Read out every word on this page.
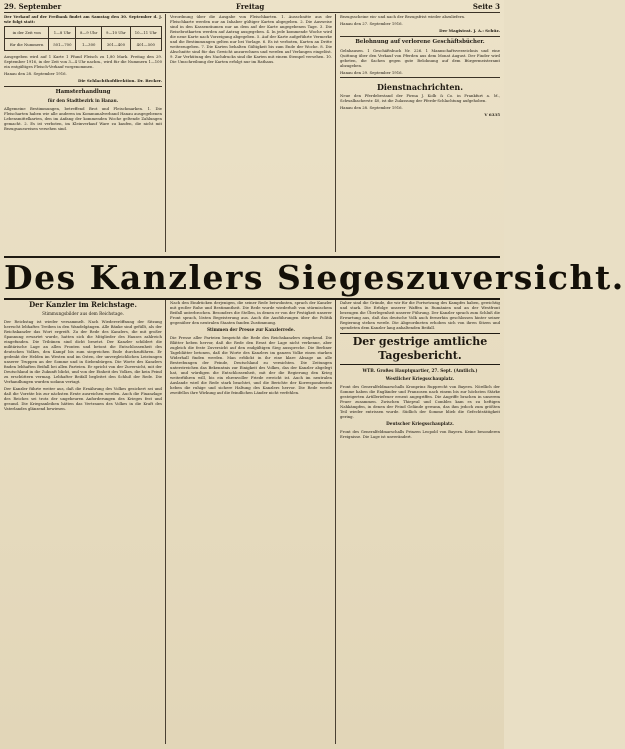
29. September	Freitag	Seite 3
Der Verkauf auf der Freibank findet am Samstag den 30. September d. J. wie folgt statt:
in der Zeit von	1—8 Uhr	8—9 Uhr	9—10 Uhr	10—11 Uhr
für die Nummern	501—700	1—300	301—400	401—500
Ausgegeben wird auf 1 Karte 1 Pfund Fleisch zu 1,80 Mark. Freitag den 29. September 1916, in der Zeit von 3—4 Uhr nachm., wird für die Nummern 1—100 ein entgültiges Fleisch-Verkauf vorgenommen.
Hanau den 28. September 1916.
Die Schlachthofdirektion. Dr. Becker.
Hamsterhandlung
für den Stadtbezirk in Hanau.
Allgemeine Bestimmungen, betreffend Brot und Fleischmarken. 1. Die Fleischarten haben wie alle anderen im Kommunalverband Hanau ausgegebenen Lebensmittelkarten, den im Anfang der kommenden Woche geltende Zahlungen gemacht. 2. Es ist verboten, im Kleinverkauf Ware zu kaufen, die nicht mit Bezugsausweisen versehen sind.
Verordnung über die Ausgabe von Fleischkarten. 1. Ausschnitte aus der Fleischkarte werden nur an Inhaber gültiger Karten abgegeben. 2. Die Ausweise sind in den Kassenräumen nur an dem auf der Karte angegebenen Tage. 3. Die Reisebrotkarten werden auf Antrag ausgegeben. 4. In jede kommende Woche wird die neue Karte nach Vorzeigung abgegeben. 5. Auf der Karte aufgeführte Vermerke und die Bestimmungen gelten nur bei Vorlage. 6. Es ist verboten, Karten an Dritte weiterzugeben. 7. Die Karten behalten Gültigkeit bis zum Ende der Woche. 8. Die Abschnitte sind für das Gewicht anzurechnen und werden auf Verlangen eingelöst. 9. Zur Verhütung des Nachdrucks sind die Karten mit einem Stempel versehen. 10. Die Umschreibung der Karten erfolgt nur im Rathaus.
Bezugsscheine ein- und nach der Bezugsfrist wieder abzuliefern.
Hanau den 27. September 1916.
Der Magistrat. J. A.: Schüz.
Belohnung auf verlorene Geschäftsbücher.
Gelnhausen. 1 Geschäftsbuch Nr. 226. 1 Mannschaftsverzeichnis und eine Quittung über den Verkauf von Pferden aus dem Monat August. Der Finder wird gebeten, die Sachen gegen gute Belohnung auf dem Bürgermeisteramt abzugeben.
Hanau den 29. September 1916.
Dienstnachrichten.
Neue den Pferdebestand der Firma J. Kolb & Co. in Frankfurt a. M., Schwalbacherstr. 40, ist die Zulassung der Pferde-Schlachtung aufgehoben.
Hanau den 28. September 1916.
V 6335
Des Kanzlers Siegeszuversicht.
Der Kanzler im Reichstage.
Stimmungsbilder aus dem Reichstage.
Der Reichstag ist wieder versammelt. Nach Wiedereröffnung der Sitzung herrscht lebhaftes Treiben in den Wandelgängen. Alle Bänke sind gefüllt, als der Reichskanzler das Wort ergreift. Zu der Rede des Kanzlers, die mit großer Spannung erwartet wurde, hatten sich die Mitglieder des Hauses zahlreich eingefunden. Die Tribünen sind dicht besetzt. Der Kanzler schildert die militärische Lage an allen Fronten und betont die Entschlossenheit des deutschen Volkes, den Kampf bis zum siegreichen Ende durchzuführen. Er gedenkt der Helden im Westen und im Osten, der unvergleichlichen Leistungen unserer Truppen an der Somme und in Siebenbürgen. Die Worte des Kanzlers finden lebhaften Beifall bei allen Parteien. Er spricht von der Zuversicht, mit der Deutschland in die Zukunft blickt, und von der Einheit des Volkes, die kein Feind zu erschüttern vermag. Lebhafter Beifall begleitet den Schluß der Rede. Die Verhandlungen wurden sodann vertagt.
Der Kanzler führte weiter aus, daß die Ernährung des Volkes gesichert sei und daß die Vorräte bis zur nächsten Ernte ausreichen werden. Auch die Finanzlage des Reiches sei trotz der ungeheuren Anforderungen des Krieges fest und gesund. Die Kriegsanleihen hätten das Vertrauen des Volkes in die Kraft des Vaterlandes glänzend bewiesen.
Nach den Eindrücken derjenigen, die seiner Rede beiwohnten, sprach der Kanzler mit großer Ruhe und Bestimmtheit. Die Rede wurde wiederholt von stürmischem Beifall unterbrochen. Besonders die Stellen, in denen er von der Festigkeit unserer Front sprach, lösten Begeisterung aus. Auch die Ausführungen über die Politik gegenüber den neutralen Staaten fanden Zustimmung.
Stimmen der Presse zur Kanzlerrede.
Die Presse aller Parteien bespricht die Rede des Reichskanzlers eingehend. Die Blätter heben hervor, daß die Rede den Ernst der Lage nicht verkenne, aber zugleich die feste Zuversicht auf den endgültigen Sieg ausspreche. Die Berliner Tageblätter betonen, daß die Worte des Kanzlers im ganzen Volke einen starken Widerhall finden werden. Man erblickt in ihr eine klare Absage an alle Bestrebungen der Feinde, Deutschland zu vernichten. Die Zeitungen unterstreichen das Bekenntnis zur Einigkeit des Volkes, das der Kanzler abgelegt hat, und würdigen die Entschlossenheit, mit der die Regierung den Krieg weiterführen will, bis ein ehrenvoller Friede erreicht ist. Auch im neutralen Auslande wird die Rede stark beachtet, und die Berichte der Korrespondenten heben die ruhige und sichere Haltung des Kanzlers hervor. Die Rede werde zweifellos ihre Wirkung auf die feindlichen Länder nicht verfehlen.
Daher sind die Gründe, die wir für die Fortsetzung des Kampfes haben, gewichtig und stark. Die Erfolge unserer Waffen in Rumänien und an der Westfront bezeugen die Überlegenheit unserer Führung. Der Kanzler sprach zum Schluß die Erwartung aus, daß das deutsche Volk auch fernerhin geschlossen hinter seiner Regierung stehen werde. Die Abgeordneten erhoben sich von ihren Sitzen und spendeten dem Kanzler lang anhaltenden Beifall.
Der gestrige amtliche Tagesbericht.
WTB. Großes Hauptquartier, 27. Sept. (Amtlich.)
Westlicher Kriegsschauplatz.
Front des Generalfeldmarschalls Kronprinz Rupprecht von Bayern. Nördlich der Somme haben die Engländer und Franzosen nach einem bis zur höchsten Stärke gesteigerten Artilleriefeuer erneut angegriffen. Die Angriffe brachen in unserem Feuer zusammen. Zwischen Thiepval und Combles kam es zu heftigen Nahkämpfen, in denen der Feind Gelände gewann, das ihm jedoch zum größten Teil wieder entrissen wurde. Südlich der Somme blieb die Gefechtstätigkeit gering.
Deutscher Kriegsschauplatz.
Front des Generalfeldmarschalls Prinzen Leopold von Bayern. Keine besonderen Ereignisse. Die Lage ist unverändert.
